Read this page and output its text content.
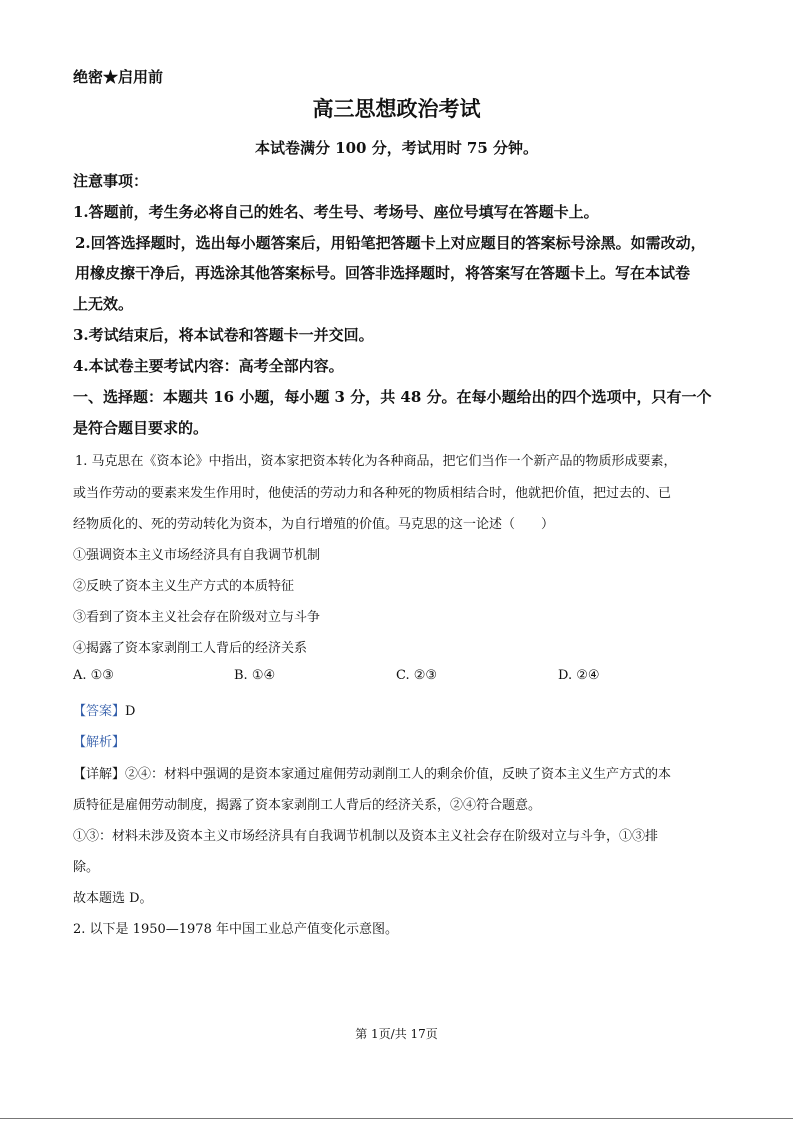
绝密★启用前
高三思想政治考试
本试卷满分 100 分，考试用时 75 分钟。
注意事项：
1.答题前，考生务必将自己的姓名、考生号、考场号、座位号填写在答题卡上。
2.回答选择题时，选出每小题答案后，用铅笔把答题卡上对应题目的答案标号涂黑。如需改动，
用橡皮擦干净后，再选涂其他答案标号。回答非选择题时，将答案写在答题卡上。写在本试卷
上无效。
3.考试结束后，将本试卷和答题卡一并交回。
4.本试卷主要考试内容：高考全部内容。
一、选择题：本题共 16 小题，每小题 3 分，共 48 分。在每小题给出的四个选项中，只有一个
是符合题目要求的。
1. 马克思在《资本论》中指出，资本家把资本转化为各种商品，把它们当作一个新产品的物质形成要素，
或当作劳动的要素来发生作用时，他使活的劳动力和各种死的物质相结合时，他就把价值，把过去的、已
经物质化的、死的劳动转化为资本，为自行增殖的价值。马克思的这一论述（　　）
①强调资本主义市场经济具有自我调节机制
②反映了资本主义生产方式的本质特征
③看到了资本主义社会存在阶级对立与斗争
④揭露了资本家剥削工人背后的经济关系
A. ①③	B. ①④	C. ②③	D. ②④
【答案】D
【解析】
【详解】②④：材料中强调的是资本家通过雇佣劳动剥削工人的剩余价值，反映了资本主义生产方式的本
质特征是雇佣劳动制度，揭露了资本家剥削工人背后的经济关系，②④符合题意。
①③：材料未涉及资本主义市场经济具有自我调节机制以及资本主义社会存在阶级对立与斗争，①③排
除。
故本题选 D。
2. 以下是 1950—1978 年中国工业总产值变化示意图。
第 1页/共 17页
